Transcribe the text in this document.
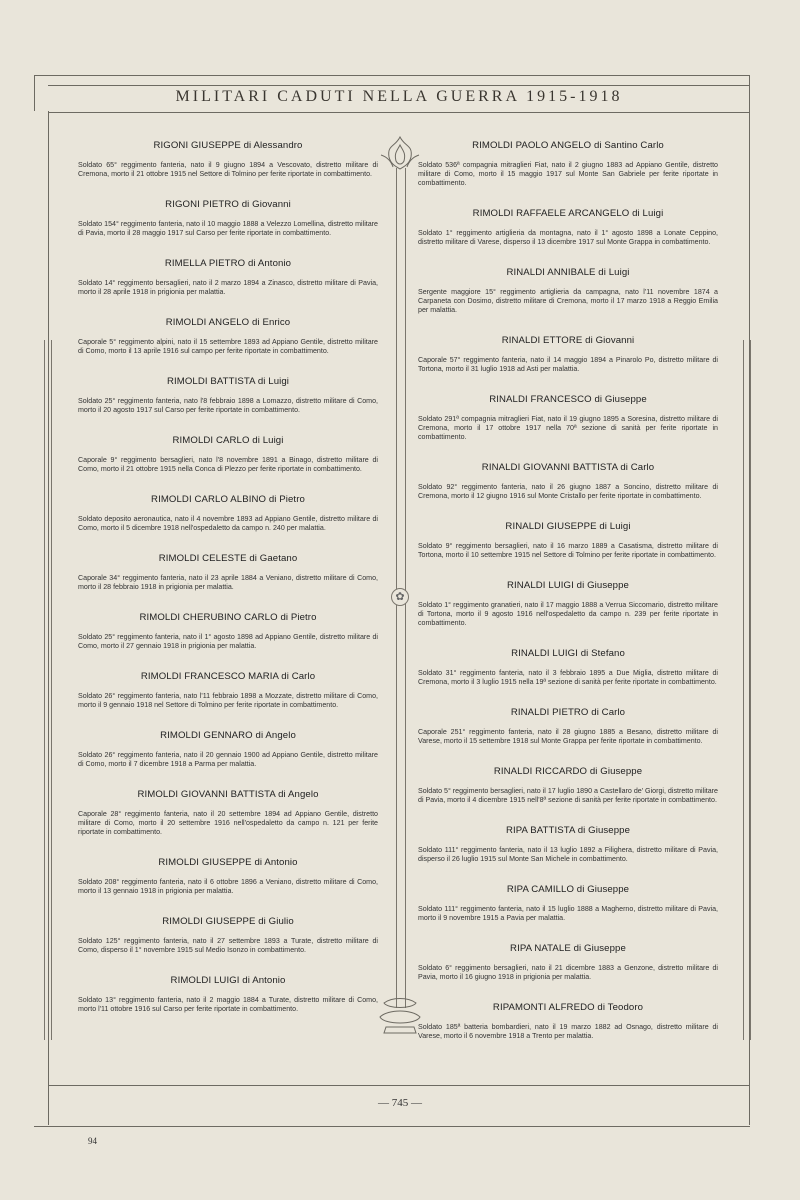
MILITARI CADUTI NELLA GUERRA 1915-1918
✿
RIGONI GIUSEPPE di Alessandro
Soldato 65° reggimento fanteria, nato il 9 giugno 1894 a Vescovato, distretto militare di Cremona, morto il 21 ottobre 1915 nel Settore di Tolmino per ferite riportate in combattimento.
RIGONI PIETRO di Giovanni
Soldato 154° reggimento fanteria, nato il 10 maggio 1888 a Velezzo Lomellina, distretto militare di Pavia, morto il 28 maggio 1917 sul Carso per ferite riportate in combattimento.
RIMELLA PIETRO di Antonio
Soldato 14° reggimento bersaglieri, nato il 2 marzo 1894 a Zinasco, distretto militare di Pavia, morto il 28 aprile 1918 in prigionia per malattia.
RIMOLDI ANGELO di Enrico
Caporale 5° reggimento alpini, nato il 15 settembre 1893 ad Appiano Gentile, distretto militare di Como, morto il 13 aprile 1916 sul campo per ferite riportate in combattimento.
RIMOLDI BATTISTA di Luigi
Soldato 25° reggimento fanteria, nato l'8 febbraio 1898 a Lomazzo, distretto militare di Como, morto il 20 agosto 1917 sul Carso per ferite riportate in combattimento.
RIMOLDI CARLO di Luigi
Caporale 9° reggimento bersaglieri, nato l'8 novembre 1891 a Binago, distretto militare di Como, morto il 21 ottobre 1915 nella Conca di Plezzo per ferite riportate in combattimento.
RIMOLDI CARLO ALBINO di Pietro
Soldato deposito aeronautica, nato il 4 novembre 1893 ad Appiano Gentile, distretto militare di Como, morto il 5 dicembre 1918 nell'ospedaletto da campo n. 240 per malattia.
RIMOLDI CELESTE di Gaetano
Caporale 34° reggimento fanteria, nato il 23 aprile 1884 a Veniano, distretto militare di Como, morto il 28 febbraio 1918 in prigionia per malattia.
RIMOLDI CHERUBINO CARLO di Pietro
Soldato 25° reggimento fanteria, nato il 1° agosto 1898 ad Appiano Gentile, distretto militare di Como, morto il 27 gennaio 1918 in prigionia per malattia.
RIMOLDI FRANCESCO MARIA di Carlo
Soldato 26° reggimento fanteria, nato l'11 febbraio 1898 a Mozzate, distretto militare di Como, morto il 9 gennaio 1918 nel Settore di Tolmino per ferite riportate in combattimento.
RIMOLDI GENNARO di Angelo
Soldato 26° reggimento fanteria, nato il 20 gennaio 1900 ad Appiano Gentile, distretto militare di Como, morto il 7 dicembre 1918 a Parma per malattia.
RIMOLDI GIOVANNI BATTISTA di Angelo
Caporale 28° reggimento fanteria, nato il 20 settembre 1894 ad Appiano Gentile, distretto militare di Como, morto il 20 settembre 1916 nell'ospedaletto da campo n. 121 per ferite riportate in combattimento.
RIMOLDI GIUSEPPE di Antonio
Soldato 208° reggimento fanteria, nato il 6 ottobre 1896 a Veniano, distretto militare di Como, morto il 13 gennaio 1918 in prigionia per malattia.
RIMOLDI GIUSEPPE di Giulio
Soldato 125° reggimento fanteria, nato il 27 settembre 1893 a Turate, distretto militare di Como, disperso il 1° novembre 1915 sul Medio Isonzo in combattimento.
RIMOLDI LUIGI di Antonio
Soldato 13° reggimento fanteria, nato il 2 maggio 1884 a Turate, distretto militare di Como, morto l'11 ottobre 1916 sul Carso per ferite riportate in combattimento.
RIMOLDI PAOLO ANGELO di Santino Carlo
Soldato 536ª compagnia mitraglieri Fiat, nato il 2 giugno 1883 ad Appiano Gentile, distretto militare di Como, morto il 15 maggio 1917 sul Monte San Gabriele per ferite riportate in combattimento.
RIMOLDI RAFFAELE ARCANGELO di Luigi
Soldato 1° reggimento artiglieria da montagna, nato il 1° agosto 1898 a Lonate Ceppino, distretto militare di Varese, disperso il 13 dicembre 1917 sul Monte Grappa in combattimento.
RINALDI ANNIBALE di Luigi
Sergente maggiore 15° reggimento artiglieria da campagna, nato l'11 novembre 1874 a Carpaneta con Dosimo, distretto militare di Cremona, morto il 17 marzo 1918 a Reggio Emilia per malattia.
RINALDI ETTORE di Giovanni
Caporale 57° reggimento fanteria, nato il 14 maggio 1894 a Pinarolo Po, distretto militare di Tortona, morto il 31 luglio 1918 ad Asti per malattia.
RINALDI FRANCESCO di Giuseppe
Soldato 291ª compagnia mitraglieri Fiat, nato il 19 giugno 1895 a Soresina, distretto militare di Cremona, morto il 17 ottobre 1917 nella 70ª sezione di sanità per ferite riportate in combattimento.
RINALDI GIOVANNI BATTISTA di Carlo
Soldato 92° reggimento fanteria, nato il 26 giugno 1887 a Soncino, distretto militare di Cremona, morto il 12 giugno 1916 sul Monte Cristallo per ferite riportate in combattimento.
RINALDI GIUSEPPE di Luigi
Soldato 9° reggimento bersaglieri, nato il 16 marzo 1889 a Casatisma, distretto militare di Tortona, morto il 10 settembre 1915 nel Settore di Tolmino per ferite riportate in combattimento.
RINALDI LUIGI di Giuseppe
Soldato 1° reggimento granatieri, nato il 17 maggio 1888 a Verrua Siccomario, distretto militare di Tortona, morto il 9 agosto 1916 nell'ospedaletto da campo n. 239 per ferite riportate in combattimento.
RINALDI LUIGI di Stefano
Soldato 31° reggimento fanteria, nato il 3 febbraio 1895 a Due Miglia, distretto militare di Cremona, morto il 3 luglio 1915 nella 19ª sezione di sanità per ferite riportate in combattimento.
RINALDI PIETRO di Carlo
Caporale 251° reggimento fanteria, nato il 28 giugno 1885 a Besano, distretto militare di Varese, morto il 15 settembre 1918 sul Monte Grappa per ferite riportate in combattimento.
RINALDI RICCARDO di Giuseppe
Soldato 5° reggimento bersaglieri, nato il 17 luglio 1890 a Castellaro de' Giorgi, distretto militare di Pavia, morto il 4 dicembre 1915 nell'8ª sezione di sanità per ferite riportate in combattimento.
RIPA BATTISTA di Giuseppe
Soldato 111° reggimento fanteria, nato il 13 luglio 1892 a Filighera, distretto militare di Pavia, disperso il 26 luglio 1915 sul Monte San Michele in combattimento.
RIPA CAMILLO di Giuseppe
Soldato 111° reggimento fanteria, nato il 15 luglio 1888 a Magherno, distretto militare di Pavia, morto il 9 novembre 1915 a Pavia per malattia.
RIPA NATALE di Giuseppe
Soldato 6° reggimento bersaglieri, nato il 21 dicembre 1883 a Genzone, distretto militare di Pavia, morto il 16 giugno 1918 in prigionia per malattia.
RIPAMONTI ALFREDO di Teodoro
Soldato 185ª batteria bombardieri, nato il 19 marzo 1882 ad Osnago, distretto militare di Varese, morto il 6 novembre 1918 a Trento per malattia.
— 745 —
94
